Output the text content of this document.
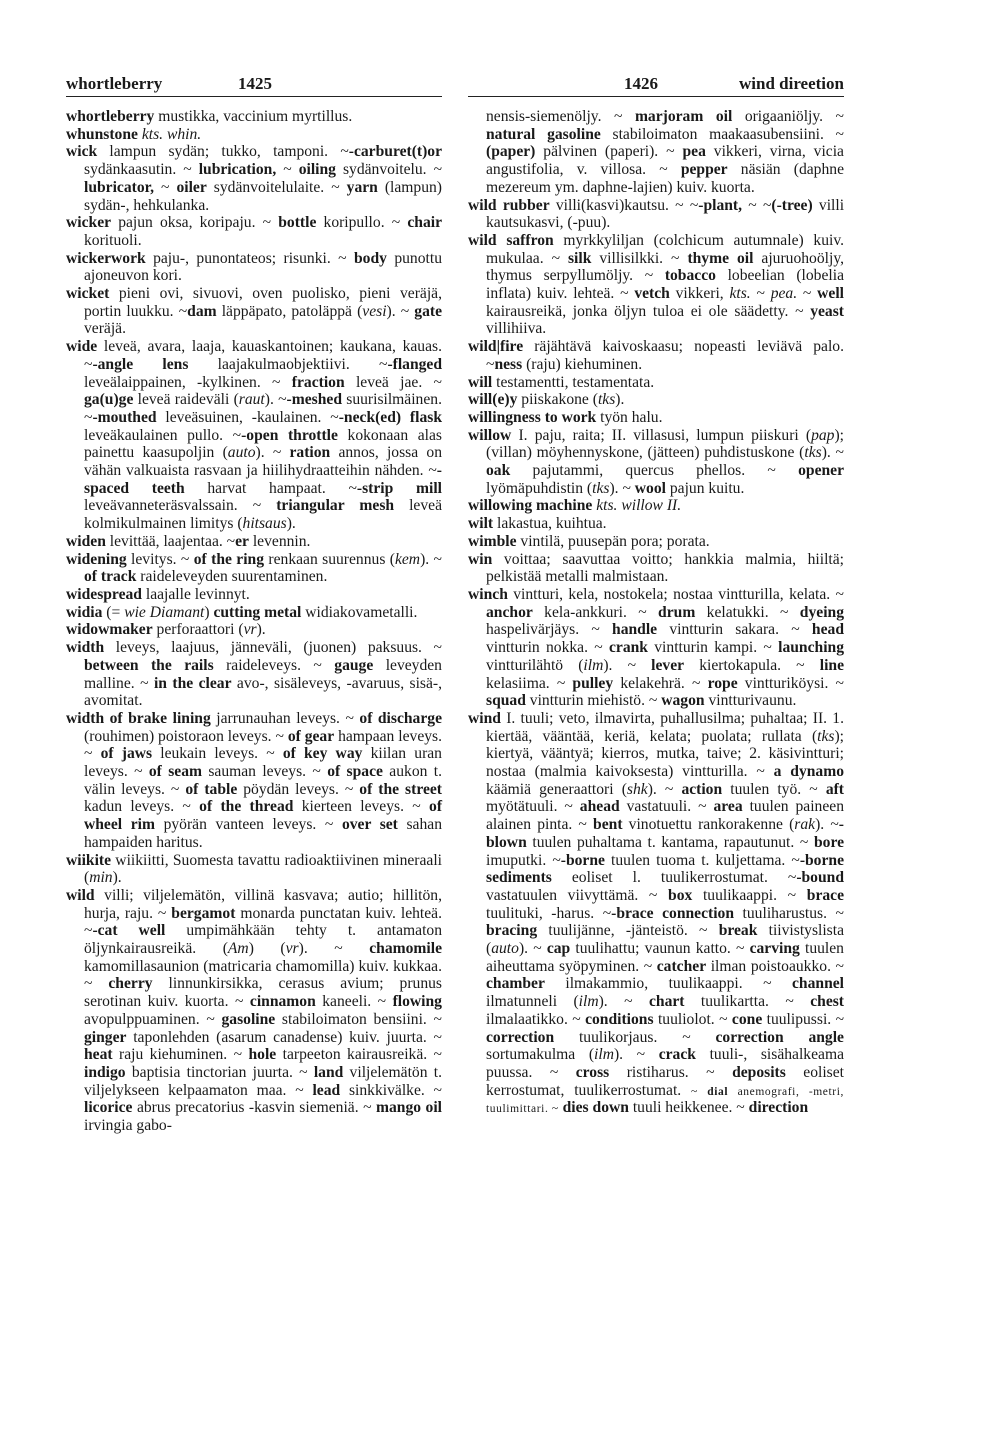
whortleberry	1425	1426	wind direetion

whortleberry mustikka, vaccinium myrtillus.

whunstone kts. whin.

wick lampun sydän; tukko, tamponi. ~-carburet(t)or sydänkaasutin. ~ lubrication, ~ oiling sydänvoitelu. ~ lubricator, ~ oiler sydänvoitelulaite. ~ yarn (lampun) sydän-, hehkulanka.

wicker pajun oksa, koripaju. ~ bottle koripullo. ~ chair korituoli.

wickerwork paju-, punontateos; risunki. ~ body punottu ajoneuvon kori.

wicket pieni ovi, sivuovi, oven puolisko, pieni veräjä, portin luukku. ~dam läppäpato, patoläppä (vesi). ~ gate veräjä.

wide leveä, avara, laaja, kauaskantoinen; kaukana, kauas. ~-angle lens laajakulmaobjektiivi. ~-flanged leveälaippainen, -kylkinen. ~ fraction leveä jae. ~ ga(u)ge leveä raideväli (raut). ~-meshed suurisilmäinen. ~-mouthed leveäsuinen, -kaulainen. ~-neck(ed) flask leveäkaulainen pullo. ~-open throttle kokonaan alas painettu kaasupoljin (auto). ~ ration annos, jossa on vähän valkuaista rasvaan ja hiilihydraatteihin nähden. ~-spaced teeth harvat hampaat. ~-strip mill leveävanneteräsvalssain. ~ triangular mesh leveä kolmikulmainen limitys (hitsaus).

widen levittää, laajentaa. ~er levennin.

widening levitys. ~ of the ring renkaan suurennus (kem). ~ of track raideleveyden suurentaminen.

widespread laajalle levinnyt.

widia (= wie Diamant) cutting metal widiakovametalli.

widowmaker perforaattori (vr).

width leveys, laajuus, jänneväli, (juonen) paksuus. ~ between the rails raideleveys. ~ gauge leveyden malline. ~ in the clear avo-, sisäleveys, -avaruus, sisä-, avomitat.

width of brake lining jarrunauhan leveys. ~ of discharge (rouhimen) poistoraon leveys. ~ of gear hampaan leveys. ~ of jaws leukain leveys. ~ of key way kiilan uran leveys. ~ of seam sauman leveys. ~ of space aukon t. välin leveys. ~ of table pöydän leveys. ~ of the street kadun leveys. ~ of the thread kierteen leveys. ~ of wheel rim pyörän vanteen leveys. ~ over set sahan hampaiden haritus.

wiikite wiikiitti, Suomesta tavattu radioaktiivinen mineraali (min).

wild villi; viljelemätön, villinä kasvava; autio; hillitön, hurja, raju. ~ bergamot monarda punctatan kuiv. lehteä. ~-cat well umpimähkään tehty t. antamaton öljynkairausreikä. (Am) (vr). ~ chamomile kamomillasaunion (matricaria chamomilla) kuiv. kukkaa. ~ cherry linnunkirsikka, cerasus avium; prunus serotinan kuiv. kuorta. ~ cinnamon kaneeli. ~ flowing avopulppuaminen. ~ gasoline stabiloimaton bensiini. ~ ginger taponlehden (asarum canadense) kuiv. juurta. ~ heat raju kiehuminen. ~ hole tarpeeton kairausreikä. ~ indigo baptisia tinctorian juurta. ~ land viljelemätön t. viljelykseen kelpaamaton maa. ~ lead sinkkivälke. ~ licorice abrus precatorius -kasvin siemeniä. ~ mango oil irvingia gabo-

nensis-siemenöljy. ~ marjoram oil origaaniöljy. ~ natural gasoline stabiloimaton maakaasubensiini. ~ (paper) pälvinen (paperi). ~ pea vikkeri, virna, vicia angustifolia, v. villosa. ~ pepper näsiän (daphne mezereum ym. daphne-lajien) kuiv. kuorta.

wild rubber villi(kasvi)kautsu. ~ ~-plant, ~ ~(-tree) villi kautsukasvi, (-puu).

wild saffron myrkkyliljan (colchicum autumnale) kuiv. mukulaa. ~ silk villisilkki. ~ thyme oil ajuruohoöljy, thymus serpyllumöljy. ~ tobacco lobeelian (lobelia inflata) kuiv. lehteä. ~ vetch vikkeri, kts. ~ pea. ~ well kairausreikä, jonka öljyn tuloa ei ole säädetty. ~ yeast villihiiva.

wild|fire räjähtävä kaivoskaasu; nopeasti leviävä palo. ~ness (raju) kiehuminen.

will testamentti, testamentata.

will(e)y piiskakone (tks).

willingness to work työn halu.

willow I. paju, raita; II. villasusi, lumpun piiskuri (pap); (villan) möyhennyskone, (jätteen) puhdistuskone (tks). ~ oak pajutammi, quercus phellos. ~ opener lyömäpuhdistin (tks). ~ wool pajun kuitu.

willowing machine kts. willow II.

wilt lakastua, kuihtua.

wimble vintilä, puusepän pora; porata.

win voittaa; saavuttaa voitto; hankkia malmia, hiiltä; pelkistää metalli malmistaan.

winch vintturi, kela, nostokela; nostaa vintturilla, kelata. ~ anchor kela-ankkuri. ~ drum kelatukki. ~ dyeing haspelivärjäys. ~ handle vintturin sakara. ~ head vintturin nokka. ~ crank vintturin kampi. ~ launching vintturilähtö (ilm). ~ lever kiertokapula. ~ line kelasiima. ~ pulley kelakehrä. ~ rope vintturiköysi. ~ squad vintturin miehistö. ~ wagon vintturivaunu.

wind I. tuuli; veto, ilmavirta, puhallusilma; puhaltaa; II. 1. kiertää, vääntää, keriä, kelata; puolata; rullata (tks); kiertyä, vääntyä; kierros, mutka, taive; 2. käsivintturi; nostaa (malmia kaivoksesta) vintturilla. ~ a dynamo käämiä generaattori (shk). ~ action tuulen työ. ~ aft myötätuuli. ~ ahead vastatuuli. ~ area tuulen paineen alainen pinta. ~ bent vinotuettu rankorakenne (rak). ~-blown tuulen puhaltama t. kantama, rapautunut. ~ bore imuputki. ~-borne tuulen tuoma t. kuljettama. ~-borne sediments eoliset l. tuulikerrostumat. ~-bound vastatuulen viivyttämä. ~ box tuulikaappi. ~ brace tuulituki, -harus. ~-brace connection tuuliharustus. ~ bracing tuulijänne, -jänteistö. ~ break tiivistyslista (auto). ~ cap tuulihattu; vaunun katto. ~ carving tuulen aiheuttama syöpyminen. ~ catcher ilman poistoaukko. ~ chamber ilmakammio, tuulikaappi. ~ channel ilmatunneli (ilm). ~ chart tuulikartta. ~ chest ilmalaatikko. ~ conditions tuuliolot. ~ cone tuulipussi. ~ correction tuulikorjaus. ~ correction angle sortumakulma (ilm). ~ crack tuuli-, sisähalkeama puussa. ~ cross ristiharus. ~ deposits eoliset kerrostumat, tuulikerrostumat. ~ dial anemografi, -metri, tuulimittari. ~ dies down tuuli heikkenee. ~ direction
